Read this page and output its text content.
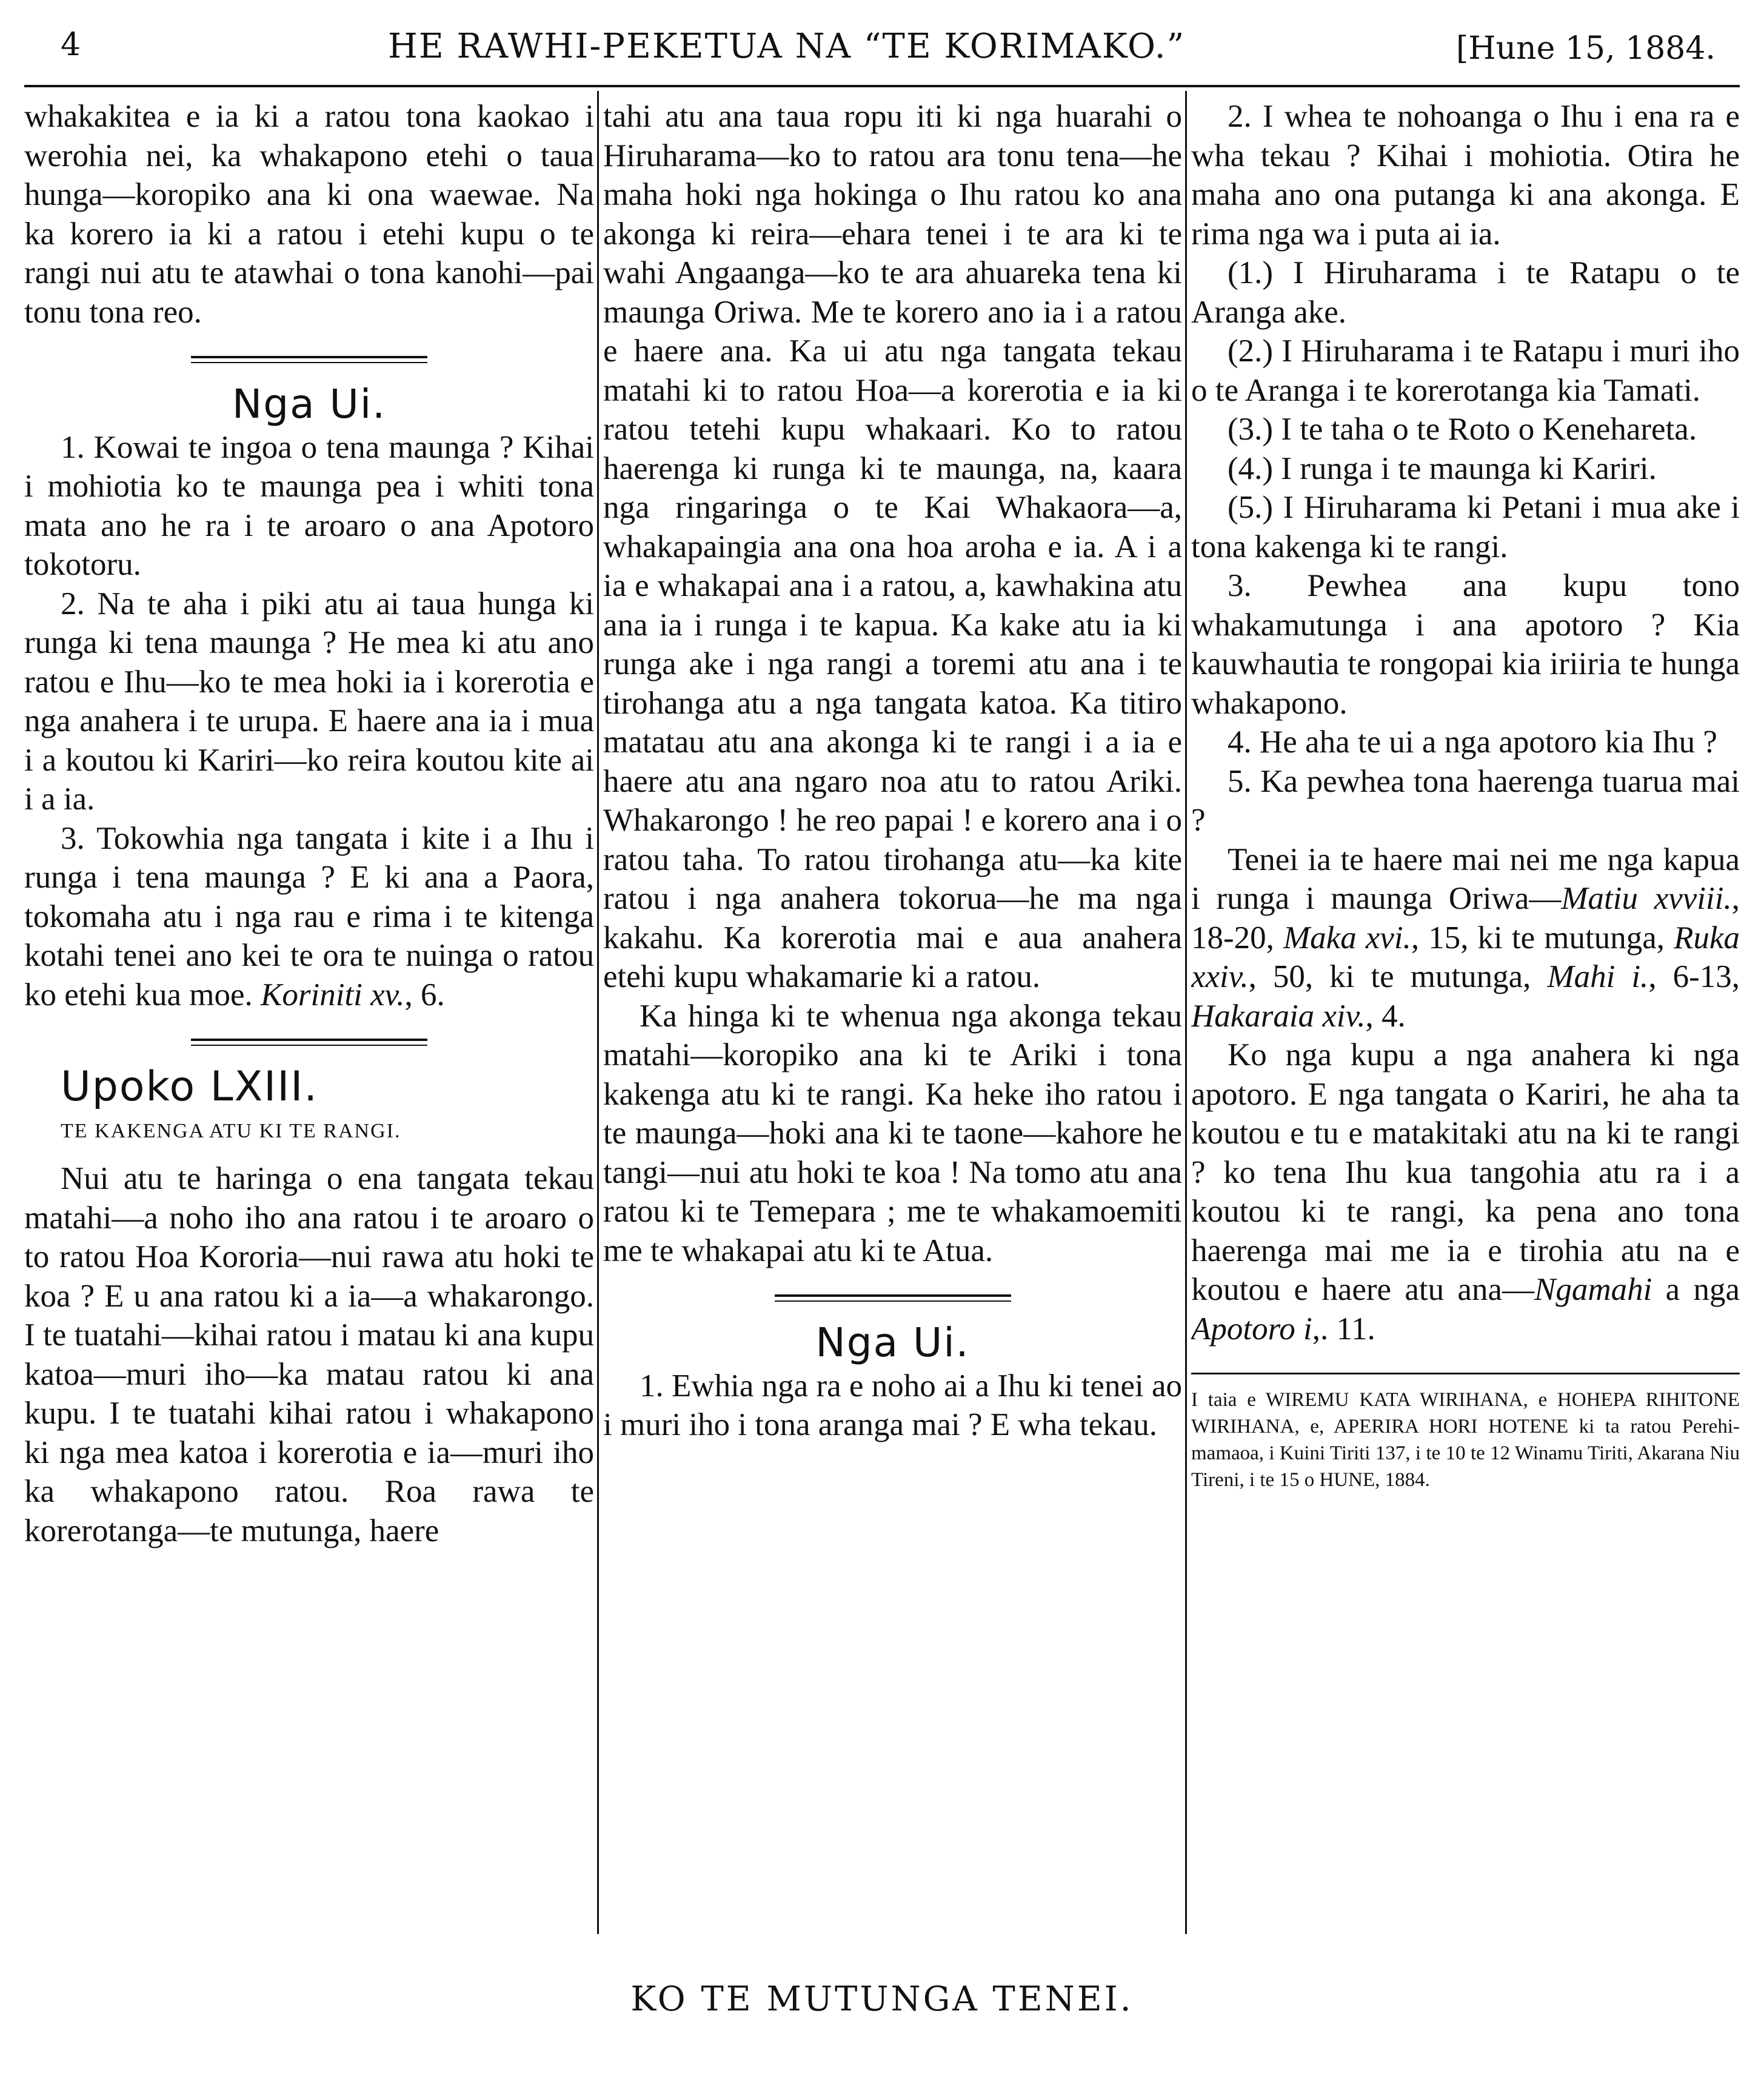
4	HE RAWHI-PEKETUA NA “TE KORIMAKO.”	[Hune 15, 1884.

whakakitea e ia ki a ratou tona kaokao i werohia nei, ka whakapono etehi o taua hunga—koropiko ana ki ona waewae. Na ka korero ia ki a ratou i etehi kupu o te rangi nui atu te atawhai o tona kanohi—pai tonu tona reo.

Nga Ui.

1. Kowai te ingoa o tena maunga ? Kihai i mohiotia ko te maunga pea i whiti tona mata ano he ra i te aroaro o ana Apotoro tokotoru.

2. Na te aha i piki atu ai taua hunga ki runga ki tena maunga ? He mea ki atu ano ratou e Ihu—ko te mea hoki ia i korerotia e nga anahera i te urupa. E haere ana ia i mua i a koutou ki Kariri—ko reira koutou kite ai i a ia.

3. Tokowhia nga tangata i kite i a Ihu i runga i tena maunga ? E ki ana a Paora, tokomaha atu i nga rau e rima i te kitenga kotahi tenei ano kei te ora te nuinga o ratou ko etehi kua moe. Koriniti xv., 6.

Upoko LXIII.
TE KAKENGA ATU KI TE RANGI.

Nui atu te haringa o ena tangata tekau matahi—a noho iho ana ratou i te aroaro o to ratou Hoa Kororia—nui rawa atu hoki te koa ? E u ana ratou ki a ia—a whakarongo. I te tuatahi—kihai ratou i matau ki ana kupu katoa—muri iho—ka matau ratou ki ana kupu. I te tuatahi kihai ratou i whakapono ki nga mea katoa i korerotia e ia—muri iho ka whakapono ratou. Roa rawa te korerotanga—te mutunga, haere

tahi atu ana taua ropu iti ki nga huarahi o Hiruharama—ko to ratou ara tonu tena—he maha hoki nga hokinga o Ihu ratou ko ana akonga ki reira—ehara tenei i te ara ki te wahi Angaanga—ko te ara ahuareka tena ki maunga Oriwa. Me te korero ano ia i a ratou e haere ana. Ka ui atu nga tangata tekau matahi ki to ratou Hoa—a korerotia e ia ki ratou tetehi kupu whakaari. Ko to ratou haerenga ki runga ki te maunga, na, kaara nga ringaringa o te Kai Whakaora—a, whakapaingia ana ona hoa aroha e ia. A i a ia e whakapai ana i a ratou, a, kawhakina atu ana ia i runga i te kapua. Ka kake atu ia ki runga ake i nga rangi a toremi atu ana i te tirohanga atu a nga tangata katoa. Ka titiro matatau atu ana akonga ki te rangi i a ia e haere atu ana ngaro noa atu to ratou Ariki. Whakarongo ! he reo papai ! e korero ana i o ratou taha. To ratou tirohanga atu—ka kite ratou i nga anahera tokorua—he ma nga kakahu. Ka korerotia mai e aua anahera etehi kupu whakamarie ki a ratou.

Ka hinga ki te whenua nga akonga tekau matahi—koropiko ana ki te Ariki i tona kakenga atu ki te rangi. Ka heke iho ratou i te maunga—hoki ana ki te taone—kahore he tangi—nui atu hoki te koa ! Na tomo atu ana ratou ki te Temepara ; me te whakamoemiti me te whakapai atu ki te Atua.

Nga Ui.

1. Ewhia nga ra e noho ai a Ihu ki tenei ao i muri iho i tona aranga mai ? E wha tekau.

2. I whea te nohoanga o Ihu i ena ra e wha tekau ? Kihai i mohiotia. Otira he maha ano ona putanga ki ana akonga. E rima nga wa i puta ai ia.

(1.) I Hiruharama i te Ratapu o te Aranga ake.

(2.) I Hiruharama i te Ratapu i muri iho o te Aranga i te korerotanga kia Tamati.

(3.) I te taha o te Roto o Kenehareta.

(4.) I runga i te maunga ki Kariri.

(5.) I Hiruharama ki Petani i mua ake i tona kakenga ki te rangi.

3. Pewhea ana kupu tono whakamutunga i ana apotoro ? Kia kauwhautia te rongopai kia iriiria te hunga whakapono.

4. He aha te ui a nga apotoro kia Ihu ?

5. Ka pewhea tona haerenga tuarua mai ?

Tenei ia te haere mai nei me nga kapua i runga i maunga Oriwa—Matiu xvviii., 18-20, Maka xvi., 15, ki te mutunga, Ruka xxiv., 50, ki te mutunga, Mahi i., 6-13, Hakaraia xiv., 4.

Ko nga kupu a nga anahera ki nga apotoro. E nga tangata o Kariri, he aha ta koutou e tu e matakitaki atu na ki te rangi ? ko tena Ihu kua tangohia atu ra i a koutou ki te rangi, ka pena ano tona haerenga mai me ia e tirohia atu na e koutou e haere atu ana—Ngamahi a nga Apotoro i,. 11.

I taia e WIREMU KATA WIRIHANA, e HOHEPA RIHITONE WIRIHANA, e, APERIRA HORI HOTENE ki ta ratou Perehi-mamaoa, i Kuini Tiriti 137, i te 10 te 12 Winamu Tiriti, Akarana Niu Tireni, i te 15 o HUNE, 1884.

KO TE MUTUNGA TENEI.
